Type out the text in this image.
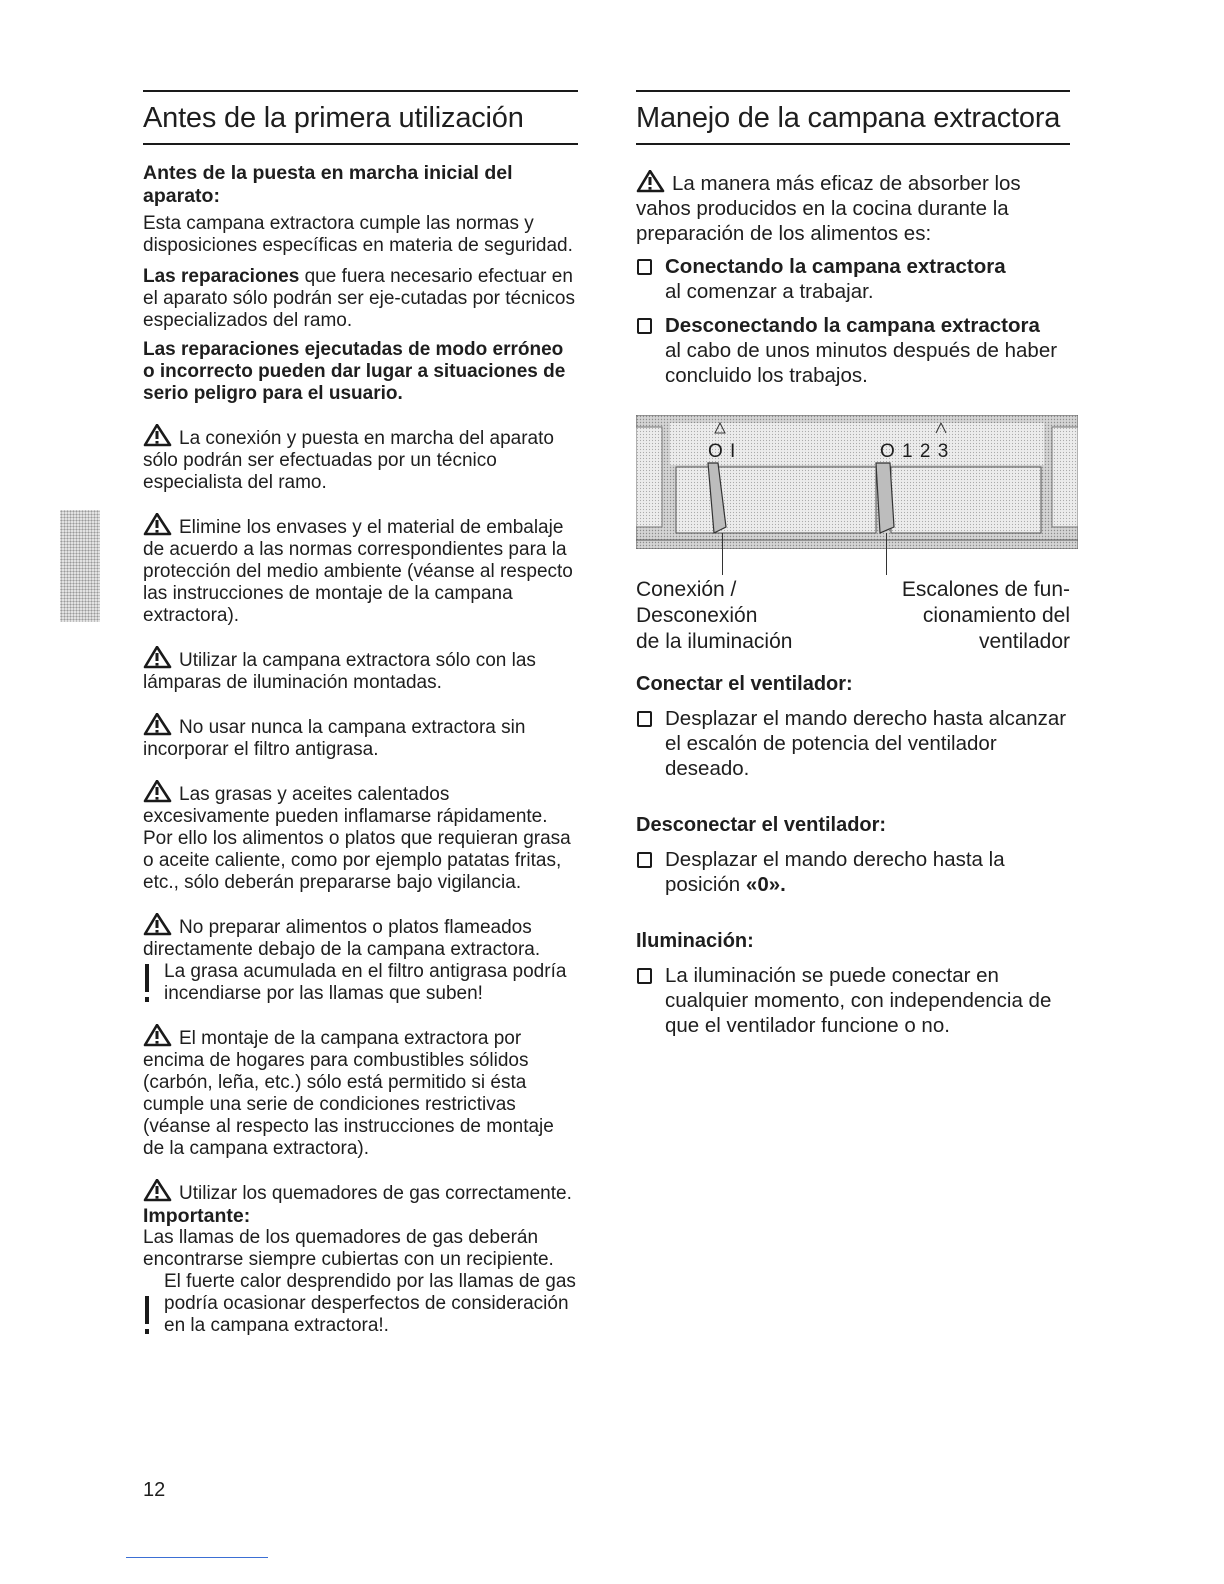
Antes de la primera utilización

Antes de la puesta en marcha inicial del aparato:

Esta campana extractora cumple las normas y disposiciones específicas en materia de seguridad.

Las reparaciones que fuera necesario efectuar en el aparato sólo podrán ser eje-cutadas por técnicos especializados del ramo.

Las reparaciones ejecutadas de modo erróneo o incorrecto pueden dar lugar a situaciones de serio peligro para el usuario.

La conexión y puesta en marcha del aparato sólo podrán ser efectuadas por un técnico especialista del ramo.

Elimine los envases y el material de embalaje de acuerdo a las normas correspondientes para la protección del medio ambiente (véanse al respecto las instrucciones de montaje de la campana extractora).

Utilizar la campana extractora sólo con las lámparas de iluminación montadas.

No usar nunca la campana extractora sin incorporar el filtro antigrasa.

Las grasas y aceites calentados excesivamente pueden inflamarse rápidamente. Por ello los alimentos o platos que requieran grasa o aceite caliente, como por ejemplo patatas fritas, etc., sólo deberán prepararse bajo vigilancia.

No preparar alimentos o platos flameados directamente debajo de la campana extractora.

La grasa acumulada en el filtro antigrasa podría incendiarse por las llamas que suben!

El montaje de la campana extractora por encima de hogares para combustibles sólidos (carbón, leña, etc.) sólo está permitido si ésta cumple una serie de condiciones restrictivas (véanse al respecto las instrucciones de montaje de la campana extractora).

Utilizar los quemadores de gas correctamente.

Importante:

Las llamas de los quemadores de gas deberán encontrarse siempre cubiertas con un recipiente.

El fuerte calor desprendido por las llamas de gas podría ocasionar desperfectos de consideración en la campana extractora!.
Manejo de la campana extractora

La manera más eficaz de absorber los vahos producidos en la cocina durante la preparación de los alimentos es:

Conectando la campana extractora
al comenzar a trabajar.
Desconectando la campana extractora
al cabo de unos minutos después de haber concluido los trabajos.
O I	O 1 2 3
Conexión /
Desconexión
de la iluminación
Escalones de fun-
cionamiento del
ventilador

Conectar el ventilador:

Desplazar el mando derecho hasta alcanzar el escalón de potencia del ventilador deseado.

Desconectar el ventilador:

Desplazar el mando derecho hasta la posición «0».

Iluminación:

La iluminación se puede conectar en cualquier momento, con independencia de que el ventilador funcione o no.
12
